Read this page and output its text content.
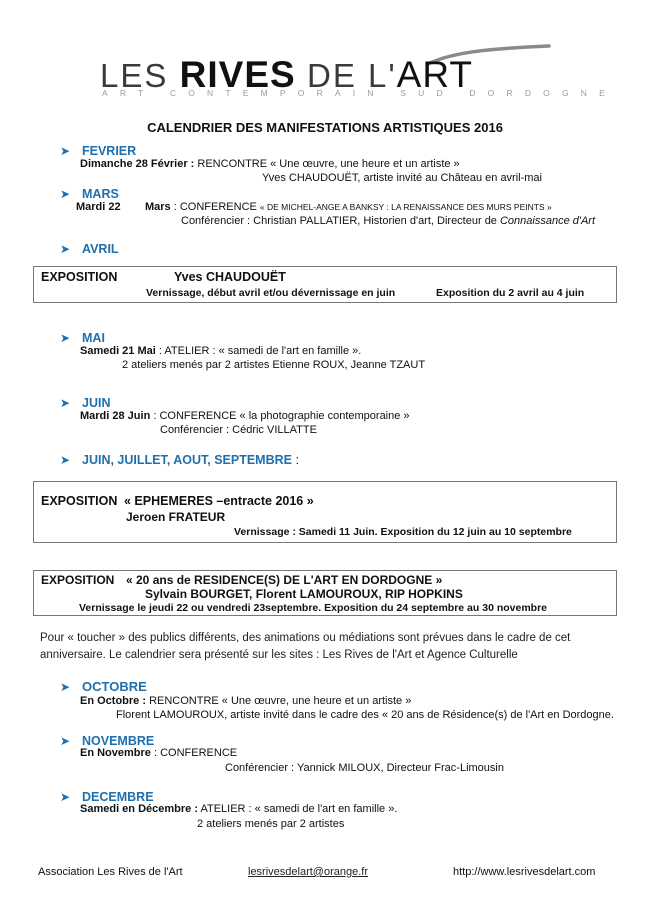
LES RIVES DE L'ART
ART CONTEMPORAIN SUD DORDOGNE
CALENDRIER DES MANIFESTATIONS ARTISTIQUES 2016
➤ FEVRIER
Dimanche 28 Février : RENCONTRE « Une œuvre, une heure et un artiste »
Yves CHAUDOUËT, artiste invité au Château en avril-mai
➤ MARS
Mardi 22 Mars : CONFERENCE « DE MICHEL-ANGE A BANKSY : LA RENAISSANCE DES MURS PEINTS »
Conférencier : Christian PALLATIER, Historien d'art, Directeur de Connaissance d'Art
➤ AVRIL
EXPOSITION	Yves CHAUDOUËT
Vernissage, début avril et/ou dévernissage en juin	Exposition du 2 avril au 4 juin
➤ MAI
Samedi 21 Mai : ATELIER : « samedi de l'art en famille ».
2 ateliers menés par 2 artistes Etienne ROUX, Jeanne TZAUT
➤ JUIN
Mardi 28 Juin : CONFERENCE « la photographie contemporaine »
Conférencier : Cédric VILLATTE
➤ JUIN, JUILLET, AOUT, SEPTEMBRE :
EXPOSITION « EPHEMERES –entracte 2016 »
Jeroen FRATEUR
Vernissage : Samedi 11 Juin. Exposition du 12 juin au 10 septembre
EXPOSITION « 20 ans de RESIDENCE(S) DE L'ART EN DORDOGNE »
Sylvain BOURGET, Florent LAMOUROUX, RIP HOPKINS
Vernissage le jeudi 22 ou vendredi 23septembre. Exposition du 24 septembre au 30 novembre
Pour « toucher » des publics différents, des animations ou médiations sont prévues dans le cadre de cet anniversaire. Le calendrier sera présenté sur les sites : Les Rives de l'Art et Agence Culturelle
➤ OCTOBRE
En Octobre : RENCONTRE « Une œuvre, une heure et un artiste »
Florent LAMOUROUX, artiste invité dans le cadre des « 20 ans de Résidence(s) de l'Art en Dordogne.
➤ NOVEMBRE
En Novembre : CONFERENCE
Conférencier : Yannick MILOUX, Directeur Frac-Limousin
➤ DECEMBRE
Samedi en Décembre : ATELIER : « samedi de l'art en famille ».
2 ateliers menés par 2 artistes
Association Les Rives de l'Art	lesrivesdelart@orange.fr	http://www.lesrivesdelart.com
